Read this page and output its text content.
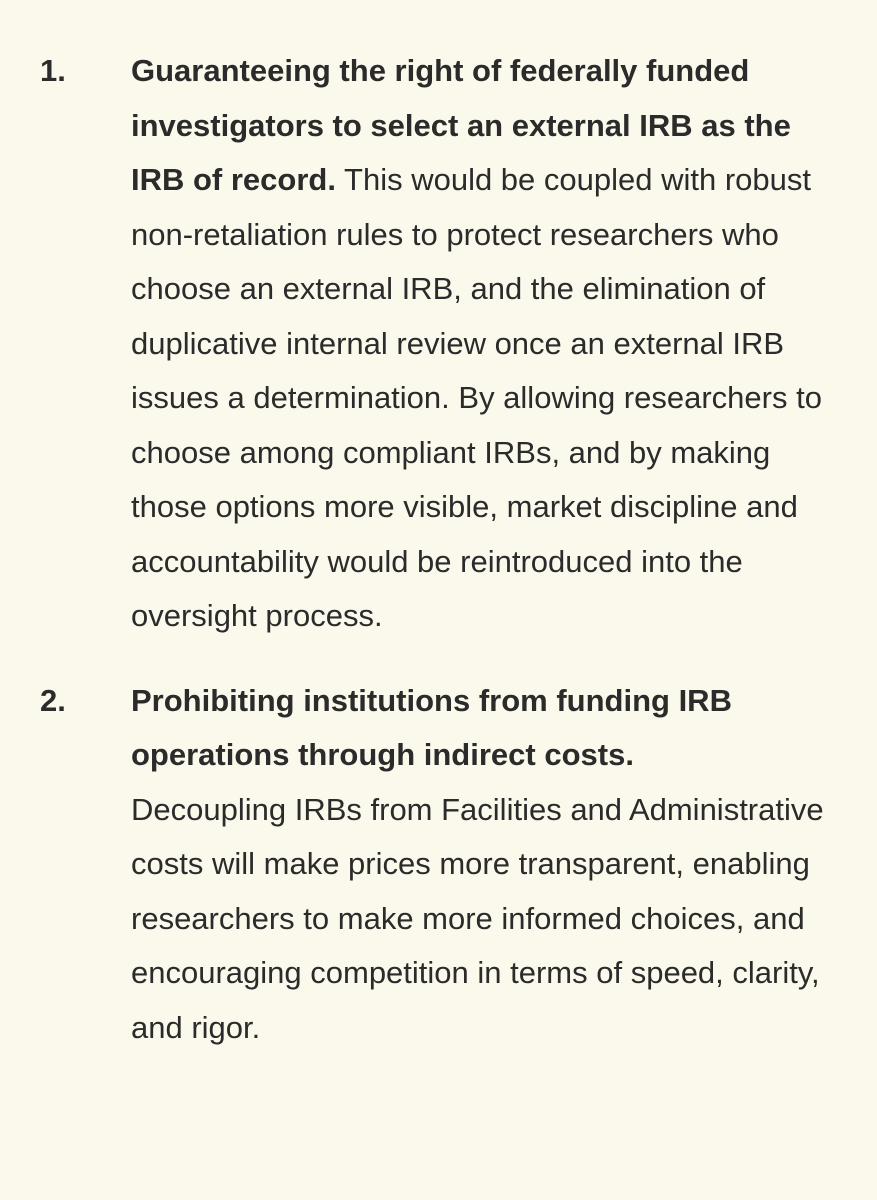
1. Guaranteeing the right of federally funded investigators to select an external IRB as the IRB of record. This would be coupled with robust non-retaliation rules to protect researchers who choose an external IRB, and the elimination of duplicative internal review once an external IRB issues a determination. By allowing researchers to choose among compliant IRBs, and by making those options more visible, market discipline and accountability would be reintroduced into the oversight process.
2. Prohibiting institutions from funding IRB operations through indirect costs.
Decoupling IRBs from Facilities and Administrative costs will make prices more transparent, enabling researchers to make more informed choices, and encouraging competition in terms of speed, clarity, and rigor.
